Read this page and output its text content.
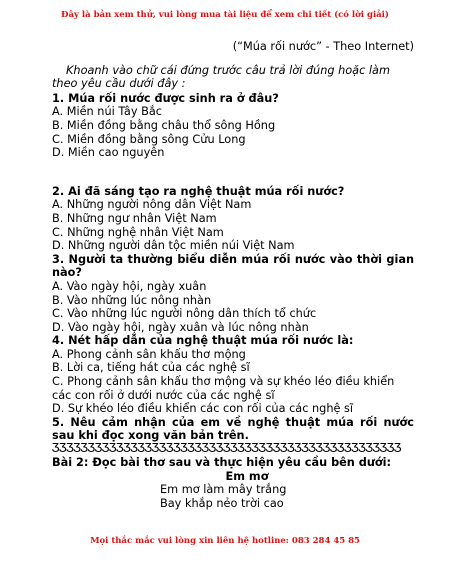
Đây là bản xem thử, vui lòng mua tài liệu để xem chi tiết (có lời giải)

(“Múa rối nước” - Theo Internet)

Khoanh vào chữ cái đứng trước câu trả lời đúng hoặc làm theo yêu cầu dưới đây :

1. Múa rối nước được sinh ra ở đâu?

A. Miền núi Tây Bắc

B. Miền đồng bằng châu thổ sông Hồng

C. Miền đồng bằng sông Cửu Long

D. Miền cao nguyên

2. Ai đã sáng tạo ra nghệ thuật múa rối nước?

A. Những người nông dân Việt Nam

B. Những ngư nhân Việt Nam

C. Những nghệ nhân Việt Nam

D. Những người dân tộc miền núi Việt Nam

3. Người ta thường biểu diễn múa rối nước vào thời gian nào?

A. Vào ngày hội, ngày xuân

B. Vào những lúc nông nhàn

C. Vào những lúc người nông dân thích tổ chức

D. Vào ngày hội, ngày xuân và lúc nông nhàn

4. Nét hấp dẫn của nghệ thuật múa rối nước là:

A. Phong cảnh sân khấu thơ mộng

B. Lời ca, tiếng hát của các nghệ sĩ

C. Phong cảnh sân khấu thơ mộng và sự khéo léo điều khiển các con rối ở dưới nước của các nghệ sĩ

D. Sự khéo léo điều khiển các con rối của các nghệ sĩ

5. Nêu cảm nhận của em về nghệ thuật múa rối nước sau khi đọc xong văn bản trên.

ƷƷƷƷƷƷƷƷƷƷƷƷƷƷƷƷƷƷƷƷƷƷƷƷƷƷƷƷƷƷƷƷƷƷƷƷƷƷƷƷƷƷƷƷƷƷƷƷƷ

Bài 2: Đọc bài thơ sau và thực hiện yêu cầu bên dưới:

Em mơ

Em mơ làm mây trắng

Bay khắp nẻo trời cao

Mọi thắc mắc vui lòng xin liên hệ hotline: 083 284 45 85
